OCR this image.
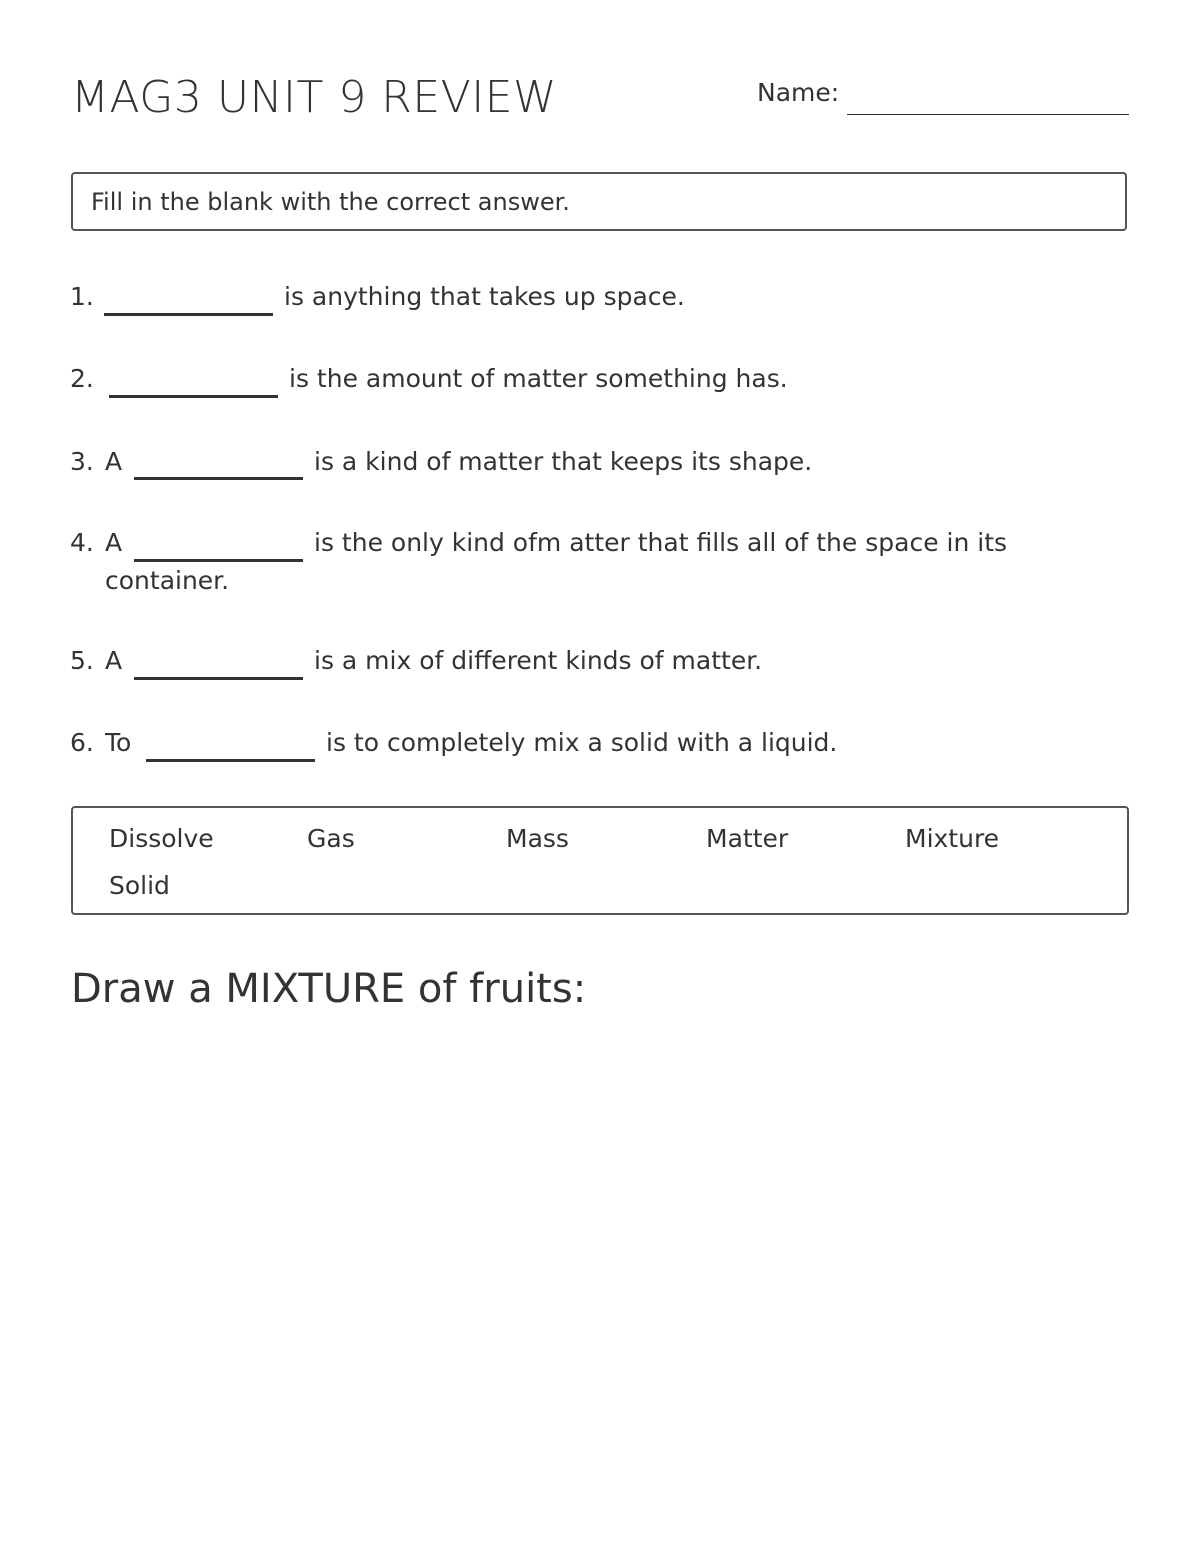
MAG3 UNIT 9 REVIEW	Name:
Fill in the blank with the correct answer.
1.	is anything that takes up space.
2.	is the amount of matter something has.
3. A	is a kind of matter that keeps its shape.
4. A	is the only kind ofm atter that fills all of the space in its
container.
5. A	is a mix of different kinds of matter.
6. To	is to completely mix a solid with a liquid.
Dissolve	Gas	Mass	Matter	Mixture
Solid
Draw a MIXTURE of fruits:
